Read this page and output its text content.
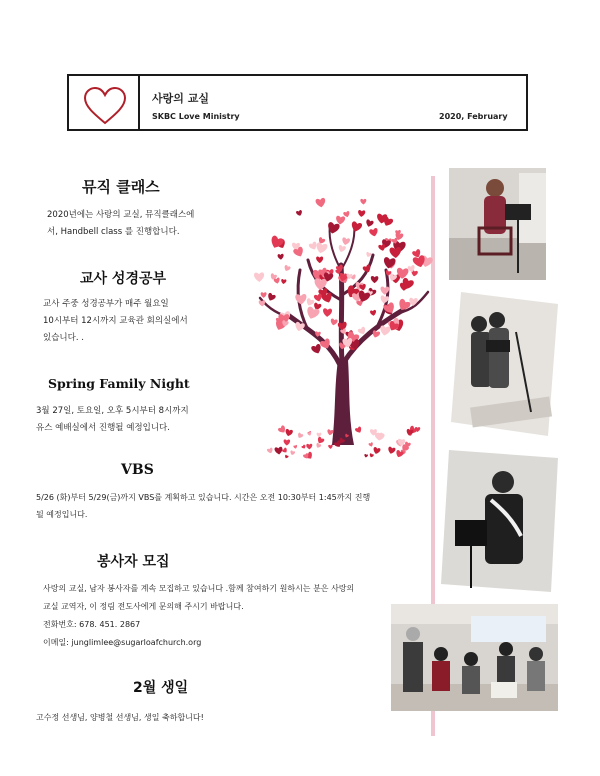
사랑의 교실
SKBC Love Ministry	2020, February
뮤직 클래스
2020년에는 사랑의 교실, 뮤직클래스에
서, Handbell class 를 진행합니다.
교사 성경공부
교사 주중 성경공부가 매주 월요일
10시부터 12시까지 교육관 회의실에서
있습니다. .
Spring Family Night
3월 27일, 토요일, 오후 5시부터 8시까지
유스 예배실에서 진행될 예정입니다.
VBS
5/26 (화)부터 5/29(금)까지 VBS를 계획하고 있습니다. 시간은 오전 10:30부터 1:45까지 진행
될 예정입니다.
봉사자 모집
사랑의 교실, 남자 봉사자를 계속 모집하고 있습니다 .함께 참여하기 원하시는 분은 사랑의
교실 교역자, 이 정림 전도사에게 문의해 주시기 바랍니다.
전화번호: 678. 451. 2867
이메일: junglimlee@sugarloafchurch.org
2월 생일
고수정 선생님, 양병철 선생님, 생일 축하합니다!
